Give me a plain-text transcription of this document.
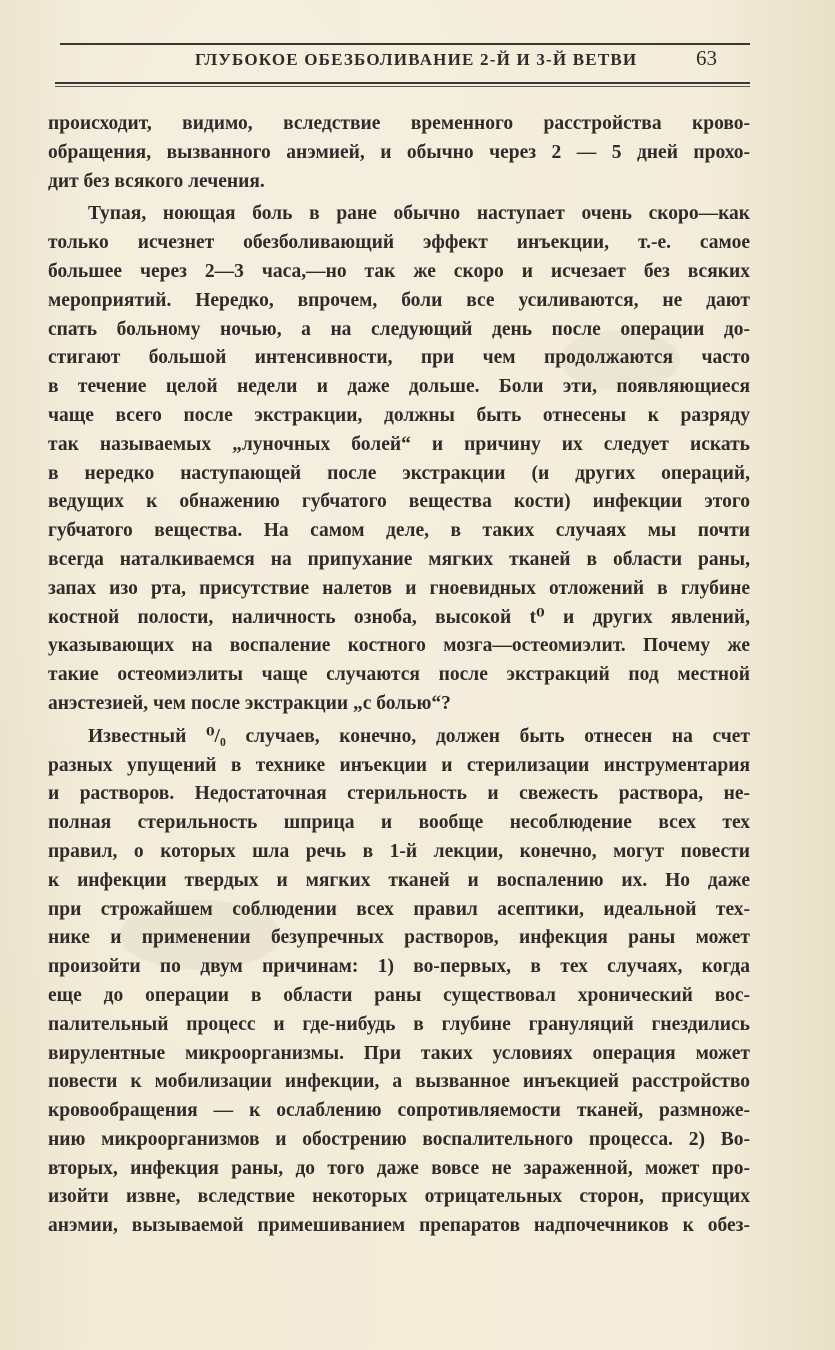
ГЛУБОКОЕ ОБЕЗБОЛИВАНИЕ 2-Й И 3-Й ВЕТВИ	63
происходит, видимо, вследствие временного расстройства крово-
обращения, вызванного анэмией, и обычно через 2 — 5 дней прохо-
дит без всякого лечения.
Тупая, ноющая боль в ране обычно наступает очень скоро—как
только исчезнет обезболивающий эффект инъекции, т.-е. самое
большее через 2—3 часа,—но так же скоро и исчезает без всяких
мероприятий. Нередко, впрочем, боли все усиливаются, не дают
спать больному ночью, а на следующий день после операции до-
стигают большой интенсивности, при чем продолжаются часто
в течение целой недели и даже дольше. Боли эти, появляющиеся
чаще всего после экстракции, должны быть отнесены к разряду
так называемых „луночных болей“ и причину их следует искать
в нередко наступающей после экстракции (и других операций,
ведущих к обнажению губчатого вещества кости) инфекции этого
губчатого вещества. На самом деле, в таких случаях мы почти
всегда наталкиваемся на припухание мягких тканей в области раны,
запах изо рта, присутствие налетов и гноевидных отложений в глубине
костной полости, наличность озноба, высокой t⁰ и других явлений,
указывающих на воспаление костного мозга—остеомиэлит. Почему же
такие остеомиэлиты чаще случаются после экстракций под местной
анэстезией, чем после экстракции „с болью“?
Известный ⁰/₀ случаев, конечно, должен быть отнесен на счет
разных упущений в технике инъекции и стерилизации инструментария
и растворов. Недостаточная стерильность и свежесть раствора, не-
полная стерильность шприца и вообще несоблюдение всех тех
правил, о которых шла речь в 1-й лекции, конечно, могут повести
к инфекции твердых и мягких тканей и воспалению их. Но даже
при строжайшем соблюдении всех правил асептики, идеальной тех-
нике и применении безупречных растворов, инфекция раны может
произойти по двум причинам: 1) во-первых, в тех случаях, когда
еще до операции в области раны существовал хронический вос-
палительный процесс и где-нибудь в глубине грануляций гнездились
вирулентные микроорганизмы. При таких условиях операция может
повести к мобилизации инфекции, а вызванное инъекцией расстройство
кровообращения — к ослаблению сопротивляемости тканей, размноже-
нию микроорганизмов и обострению воспалительного процесса. 2) Во-
вторых, инфекция раны, до того даже вовсе не зараженной, может про-
изойти извне, вследствие некоторых отрицательных сторон, присущих
анэмии, вызываемой примешиванием препаратов надпочечников к обез-
